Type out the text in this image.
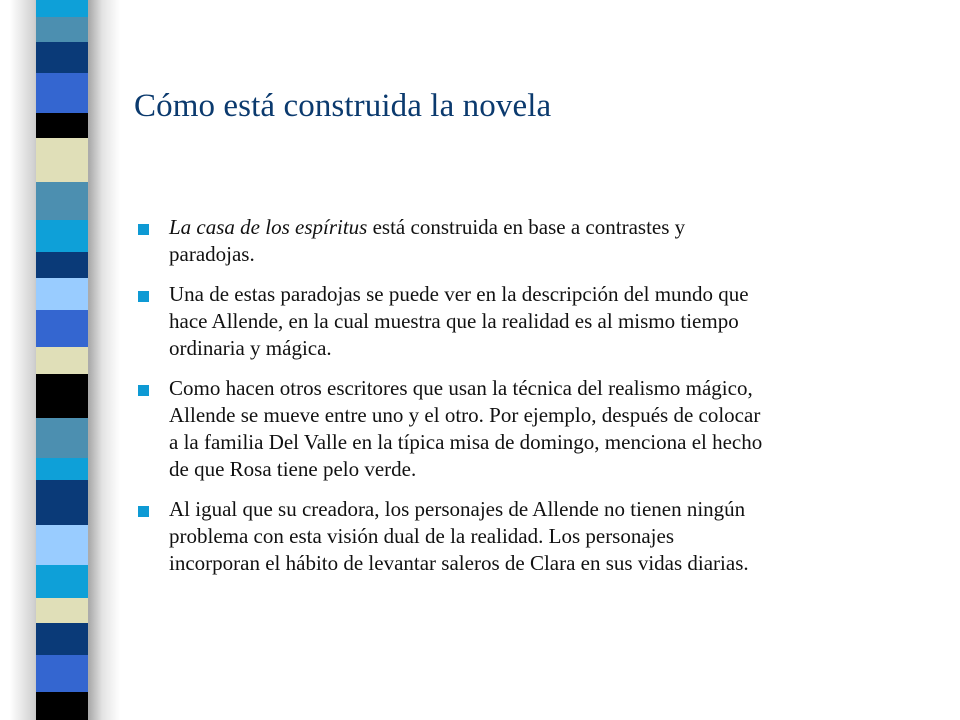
Cómo está construida la novela
La casa de los espíritus está construida en base a contrastes y
paradojas.
Una de estas paradojas se puede ver en la descripción del mundo que
hace Allende, en la cual muestra que la realidad es al mismo tiempo
ordinaria y mágica.
Como hacen otros escritores que usan la técnica del realismo mágico,
Allende se mueve entre uno y el otro. Por ejemplo, después de colocar
a la familia Del Valle en la típica misa de domingo, menciona el hecho
de que Rosa tiene pelo verde.
Al igual que su creadora, los personajes de Allende no tienen ningún
problema con esta visión dual de la realidad. Los personajes
incorporan el hábito de levantar saleros de Clara en sus vidas diarias.
